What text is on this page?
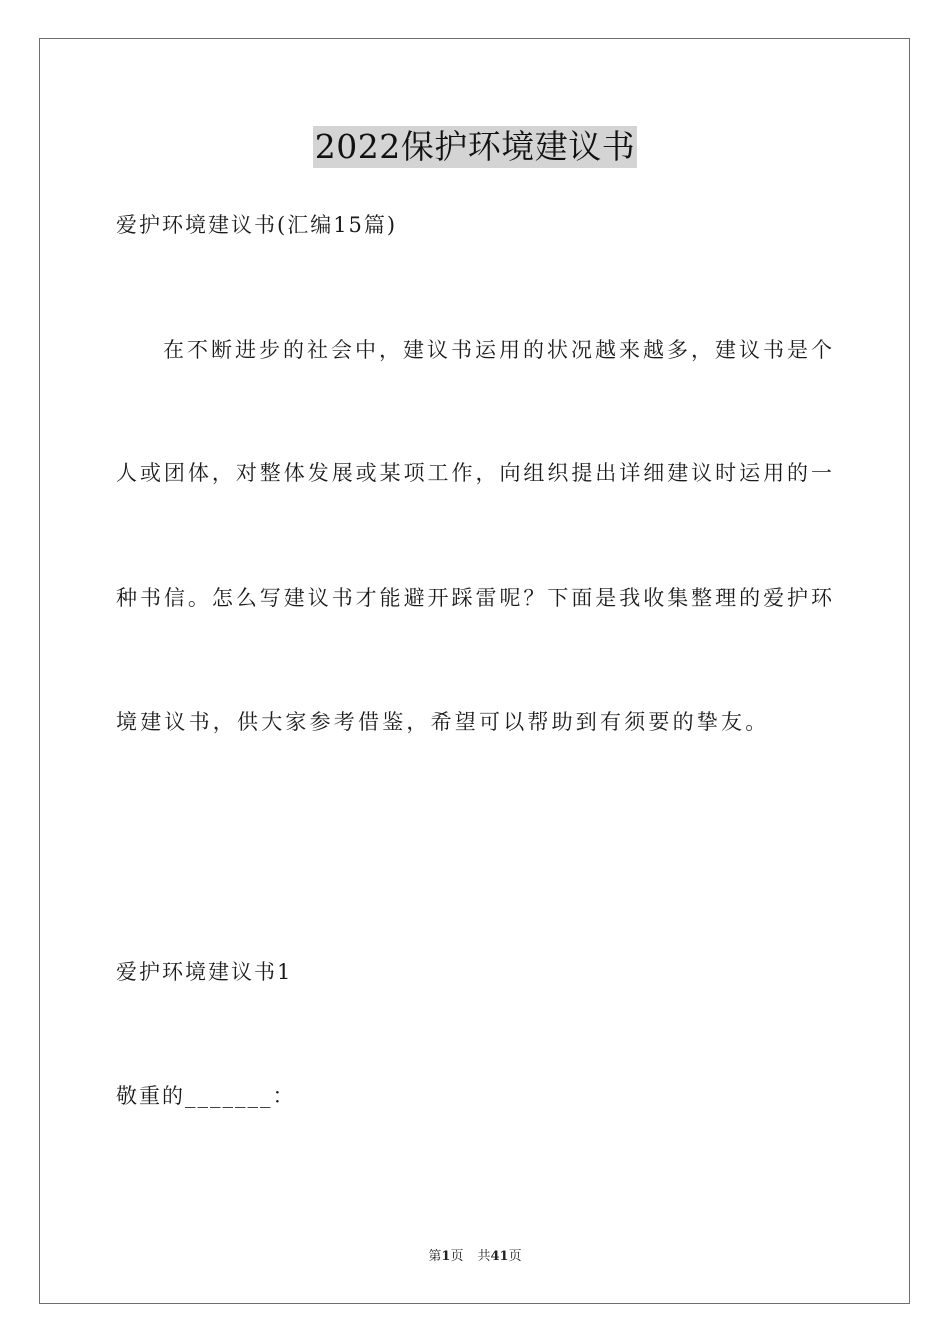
2022保护环境建议书
爱护环境建议书(汇编15篇)
在不断进步的社会中，建议书运用的状况越来越多，建议书是个
人或团体，对整体发展或某项工作，向组织提出详细建议时运用的一
种书信。怎么写建议书才能避开踩雷呢？下面是我收集整理的爱护环
境建议书，供大家参考借鉴，希望可以帮助到有须要的挚友。
爱护环境建议书1
敬重的_______：
第1页 共41页
